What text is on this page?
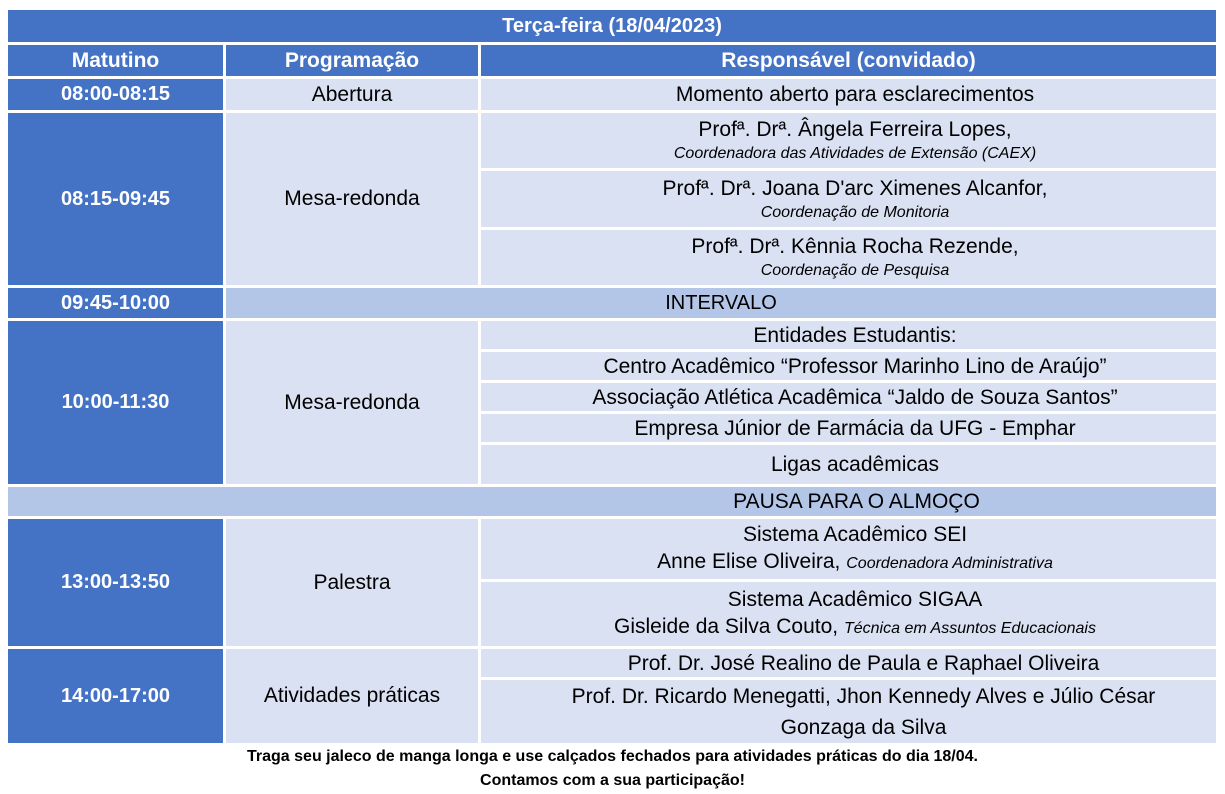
Terça-feira (18/04/2023)
Matutino	Programação	Responsável (convidado)
08:00-08:15	Abertura	Momento aberto para esclarecimentos
08:15-09:45	Mesa-redonda
Profª. Drª. Ângela Ferreira Lopes,
Coordenadora das Atividades de Extensão (CAEX)
Profª. Drª. Joana D'arc Ximenes Alcanfor,
Coordenação de Monitoria
Profª. Drª. Kênnia Rocha Rezende,
Coordenação de Pesquisa
09:45-10:00	INTERVALO
10:00-11:30	Mesa-redonda
Entidades Estudantis:
Centro Acadêmico “Professor Marinho Lino de Araújo”
Associação Atlética Acadêmica “Jaldo de Souza Santos”
Empresa Júnior de Farmácia da UFG - Emphar
Ligas acadêmicas
PAUSA PARA O ALMOÇO
13:00-13:50	Palestra
Sistema Acadêmico SEI
Anne Elise Oliveira, Coordenadora Administrativa
Sistema Acadêmico SIGAA
Gisleide da Silva Couto, Técnica em Assuntos Educacionais
14:00-17:00	Atividades práticas
Prof. Dr. José Realino de Paula e Raphael Oliveira
Prof. Dr. Ricardo Menegatti, Jhon Kennedy Alves e Júlio César
Gonzaga da Silva
Traga seu jaleco de manga longa e use calçados fechados para atividades práticas do dia 18/04.
Contamos com a sua participação!
